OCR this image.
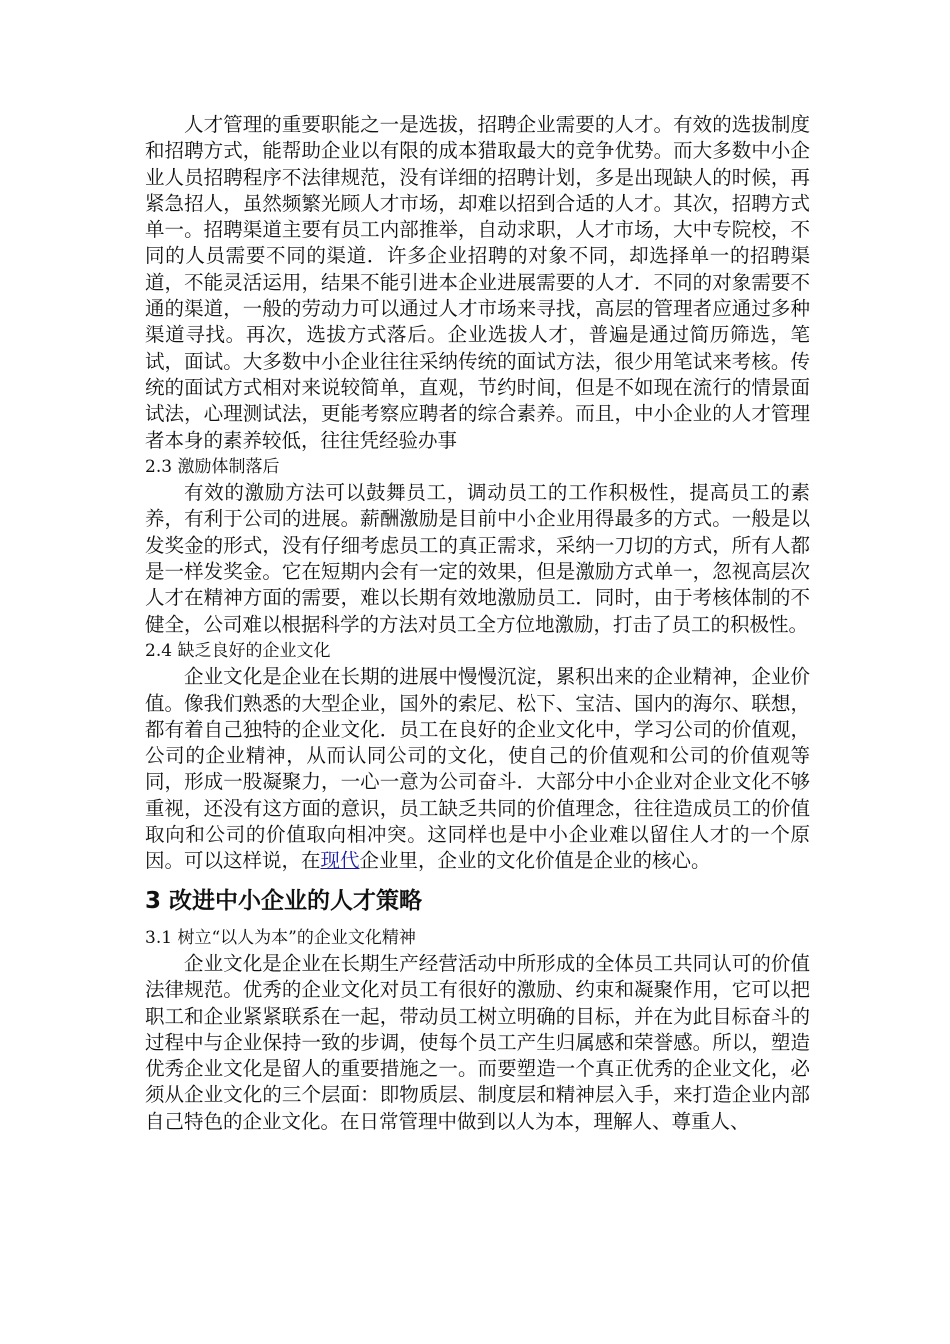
人才管理的重要职能之一是选拔，招聘企业需要的人才。有效的选拔制度和招聘方式，能帮助企业以有限的成本猎取最大的竞争优势。而大多数中小企业人员招聘程序不法律规范，没有详细的招聘计划，多是出现缺人的时候，再紧急招人，虽然频繁光顾人才市场，却难以招到合适的人才。其次，招聘方式单一。招聘渠道主要有员工内部推举，自动求职，人才市场，大中专院校，不同的人员需要不同的渠道．许多企业招聘的对象不同，却选择单一的招聘渠道，不能灵活运用，结果不能引进本企业进展需要的人才．不同的对象需要不通的渠道，一般的劳动力可以通过人才市场来寻找，高层的管理者应通过多种渠道寻找。再次，选拔方式落后。企业选拔人才，普遍是通过简历筛选，笔试，面试。大多数中小企业往往采纳传统的面试方法，很少用笔试来考核。传统的面试方式相对来说较简单，直观，节约时间，但是不如现在流行的情景面试法，心理测试法，更能考察应聘者的综合素养。而且，中小企业的人才管理者本身的素养较低，往往凭经验办事

2.3 激励体制落后

有效的激励方法可以鼓舞员工，调动员工的工作积极性，提高员工的素养，有利于公司的进展。薪酬激励是目前中小企业用得最多的方式。一般是以发奖金的形式，没有仔细考虑员工的真正需求，采纳一刀切的方式，所有人都是一样发奖金。它在短期内会有一定的效果，但是激励方式单一，忽视高层次人才在精神方面的需要，难以长期有效地激励员工．同时，由于考核体制的不健全，公司难以根据科学的方法对员工全方位地激励，打击了员工的积极性。

2.4 缺乏良好的企业文化

企业文化是企业在长期的进展中慢慢沉淀，累积出来的企业精神，企业价值。像我们熟悉的大型企业，国外的索尼、松下、宝洁、国内的海尔、联想，都有着自己独特的企业文化．员工在良好的企业文化中，学习公司的价值观，公司的企业精神，从而认同公司的文化，使自己的价值观和公司的价值观等同，形成一股凝聚力，一心一意为公司奋斗．大部分中小企业对企业文化不够重视，还没有这方面的意识，员工缺乏共同的价值理念，往往造成员工的价值取向和公司的价值取向相冲突。这同样也是中小企业难以留住人才的一个原因。可以这样说，在现代企业里，企业的文化价值是企业的核心。

3 改进中小企业的人才策略

3.1 树立“以人为本”的企业文化精神

企业文化是企业在长期生产经营活动中所形成的全体员工共同认可的价值法律规范。优秀的企业文化对员工有很好的激励、约束和凝聚作用，它可以把职工和企业紧紧联系在一起，带动员工树立明确的目标，并在为此目标奋斗的过程中与企业保持一致的步调，使每个员工产生归属感和荣誉感。所以，塑造优秀企业文化是留人的重要措施之一。而要塑造一个真正优秀的企业文化，必须从企业文化的三个层面：即物质层、制度层和精神层入手，来打造企业内部自己特色的企业文化。在日常管理中做到以人为本，理解人、尊重人、
